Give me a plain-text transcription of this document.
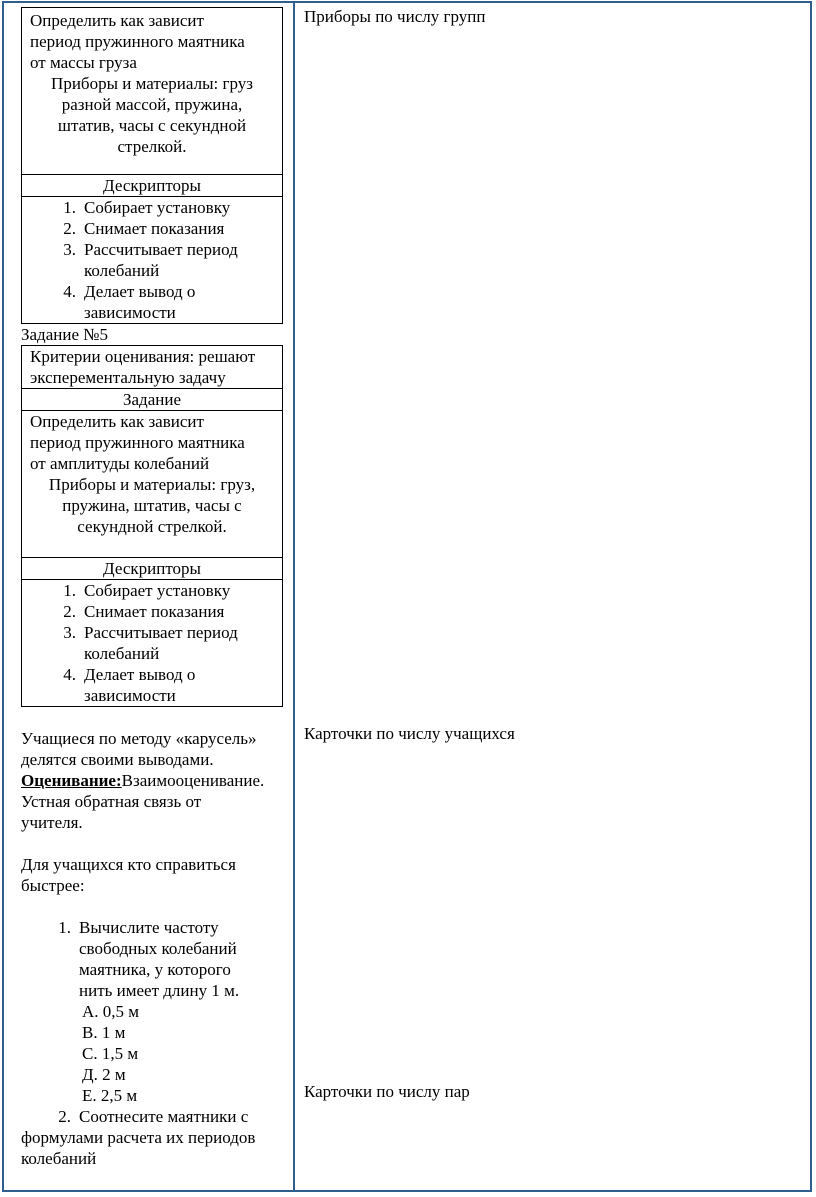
Определить как зависит

период пружинного маятника

от массы груза

Приборы и материалы: груз

разной массой, пружина,

штатив, часы с секундной

стрелкой.

Дескрипторы
1. Собирает установку
2. Снимает показания
3. Рассчитывает период
колебаний
4. Делает вывод о
зависимости

Задание №5

Критерии оценивания: решают

эксперементальную задачу

Задание

Определить как зависит

период пружинного маятника

от амплитуды колебаний

Приборы и материалы: груз,

пружина, штатив, часы с

секундной стрелкой.

Дескрипторы
1. Собирает установку
2. Снимает показания
3. Рассчитывает период
колебаний
4. Делает вывод о
зависимости

Учащиеся по методу «карусель»

делятся своими выводами.

Оценивание:Взаимооценивание.

Устная обратная связь от

учителя.

Для учащихся кто справиться

быстрее:

1. Вычислите частоту
свободных колебаний
маятника, у которого
нить имеет длину 1 м.

А. 0,5 м

В. 1 м

С. 1,5 м

Д. 2 м

Е. 2,5 м

2. Соотнесите маятники с

формулами расчета их периодов

колебаний

Приборы по числу групп

Карточки по числу учащихся

Карточки по числу пар
